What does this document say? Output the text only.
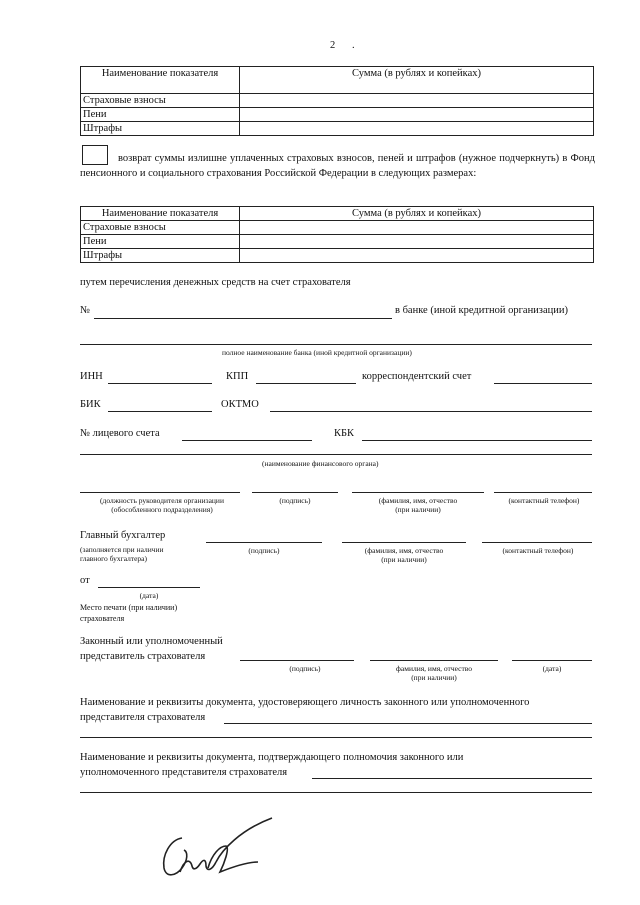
2 .
Наименование показателя	Сумма (в рублях и копейках)
Страховые взносы	
Пени	
Штрафы	
возврат суммы излишне уплаченных страховых взносов, пеней и штрафов (нужное подчеркнуть) в Фонд пенсионного и социального страхования Российской Федерации в следующих размерах:
Наименование показателя	Сумма (в рублях и копейках)
Страховые взносы	
Пени	
Штрафы	
путем перечисления денежных средств на счет страхователя
№	в банке (иной кредитной организации)
полное наименование банка (иной кредитной организации)
ИНН	КПП	корреспондентский счет
БИК	ОКТМО
№ лицевого счета	КБК
(наименование финансового органа)
(должность руководителя организации
(обособленного подразделения)
(подпись)	(фамилия, имя, отчество
(при наличии)
(контактный телефон)
Главный бухгалтер
(заполняется при наличии
главного бухгалтера)
(подпись)	(фамилия, имя, отчество
(при наличии)
(контактный телефон)
от
(дата)
Место печати (при наличии)
страхователя
Законный или уполномоченный
представитель страхователя
(подпись)	фамилия, имя, отчество
(при наличии)
(дата)
Наименование и реквизиты документа, удостоверяющего личность законного или уполномоченного
представителя страхователя
Наименование и реквизиты документа, подтверждающего полномочия законного или
уполномоченного представителя страхователя
